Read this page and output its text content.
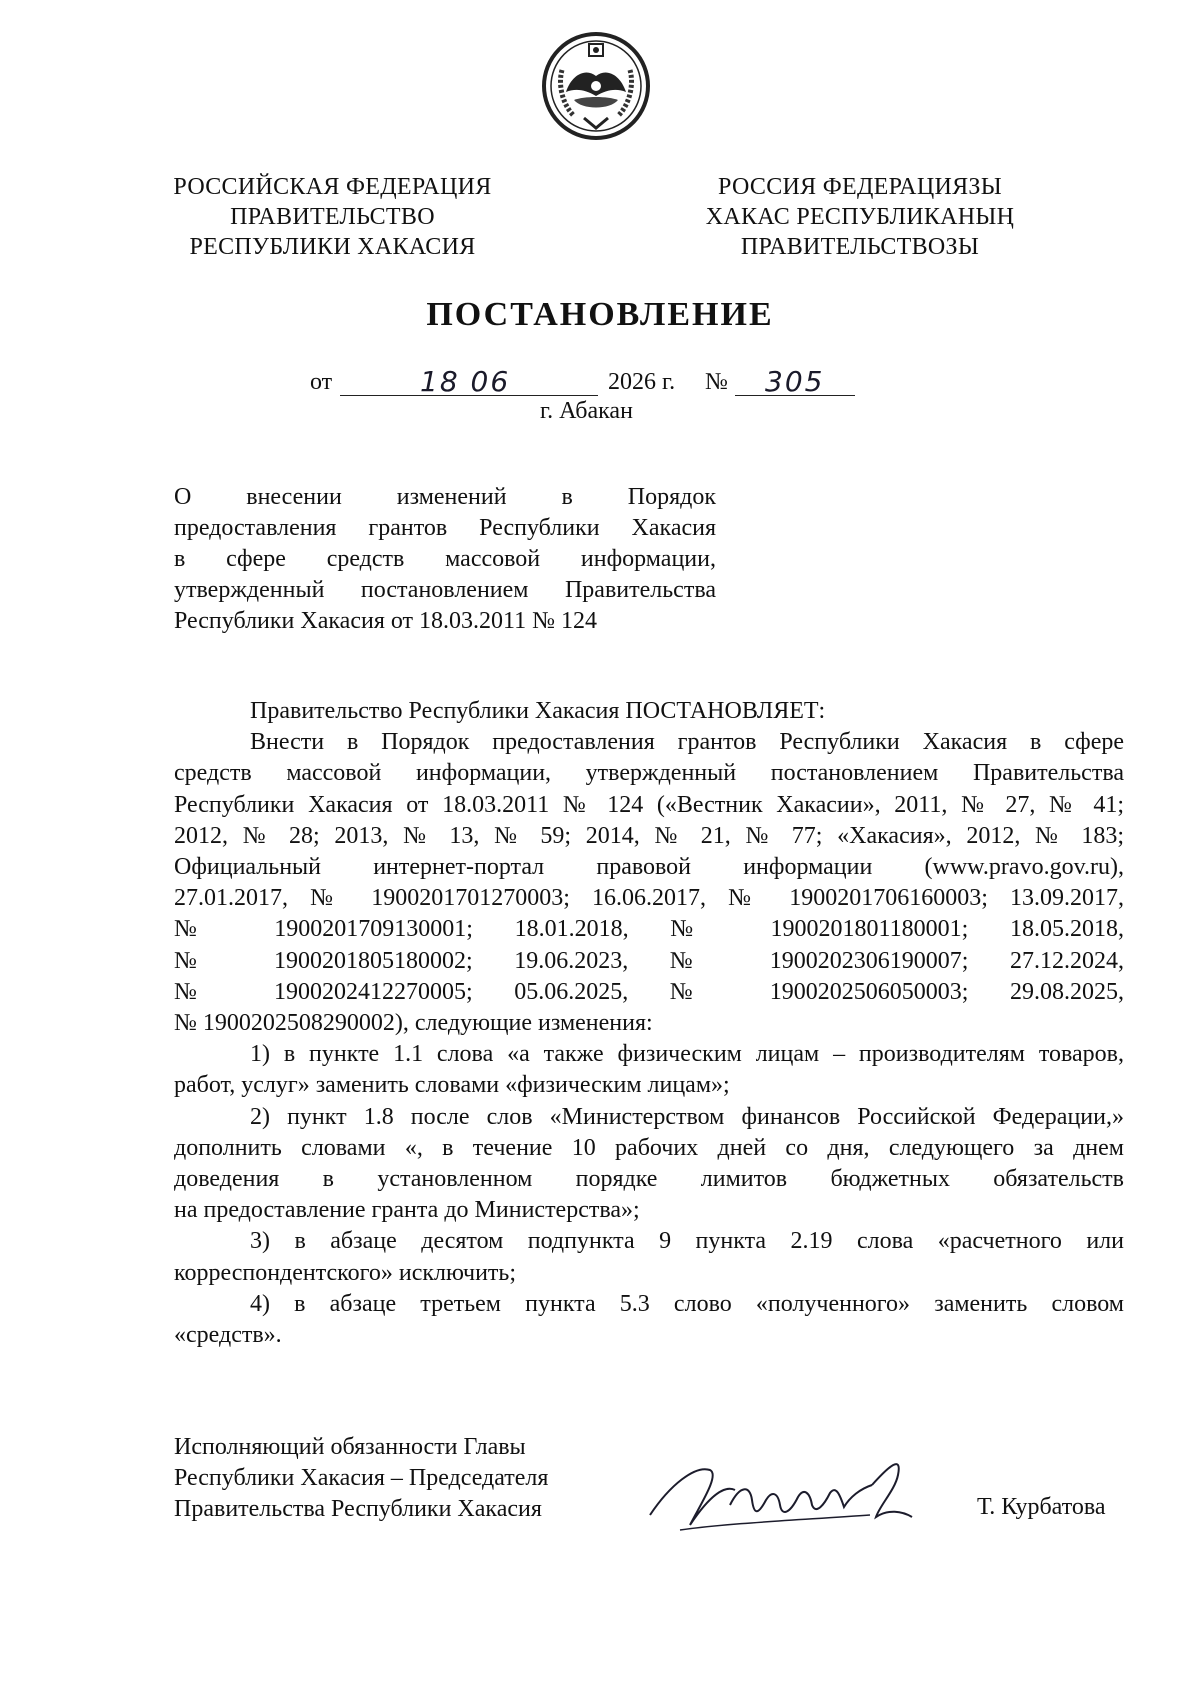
РОССИЙСКАЯ ФЕДЕРАЦИЯ
ПРАВИТЕЛЬСТВО
РЕСПУБЛИКИ ХАКАСИЯ
РОССИЯ ФЕДЕРАЦИЯЗЫ
ХАКАС РЕСПУБЛИКАНЫҢ
ПРАВИТЕЛЬСТВОЗЫ
ПОСТАНОВЛЕНИЕ
от	18 06	2026 г. № 305
г. Абакан
О внесении изменений в Порядок
предоставления грантов Республики Хакасия
в сфере средств массовой информации,
утвержденный постановлением Правительства
Республики Хакасия от 18.03.2011 № 124
Правительство Республики Хакасия ПОСТАНОВЛЯЕТ:
Внести в Порядок предоставления грантов Республики Хакасия в сфере
средств массовой информации, утвержденный постановлением Правительства
Республики Хакасия от 18.03.2011 № 124 («Вестник Хакасии», 2011, № 27, № 41;
2012, № 28; 2013, № 13, № 59; 2014, № 21, № 77; «Хакасия», 2012, № 183;
Официальный интернет-портал правовой информации (www.pravo.gov.ru),
27.01.2017, № 1900201701270003; 16.06.2017, № 1900201706160003; 13.09.2017,
№ 1900201709130001; 18.01.2018, № 1900201801180001; 18.05.2018,
№ 1900201805180002; 19.06.2023, № 1900202306190007; 27.12.2024,
№ 1900202412270005; 05.06.2025, № 1900202506050003; 29.08.2025,
№ 1900202508290002), следующие изменения:
1) в пункте 1.1 слова «а также физическим лицам – производителям товаров,
работ, услуг» заменить словами «физическим лицам»;
2) пункт 1.8 после слов «Министерством финансов Российской Федерации,»
дополнить словами «, в течение 10 рабочих дней со дня, следующего за днем
доведения в установленном порядке лимитов бюджетных обязательств
на предоставление гранта до Министерства»;
3) в абзаце десятом подпункта 9 пункта 2.19 слова «расчетного или
корреспондентского» исключить;
4) в абзаце третьем пункта 5.3 слово «полученного» заменить словом
«средств».
Исполняющий обязанности Главы
Республики Хакасия – Председателя
Правительства Республики Хакасия	Т. Курбатова
